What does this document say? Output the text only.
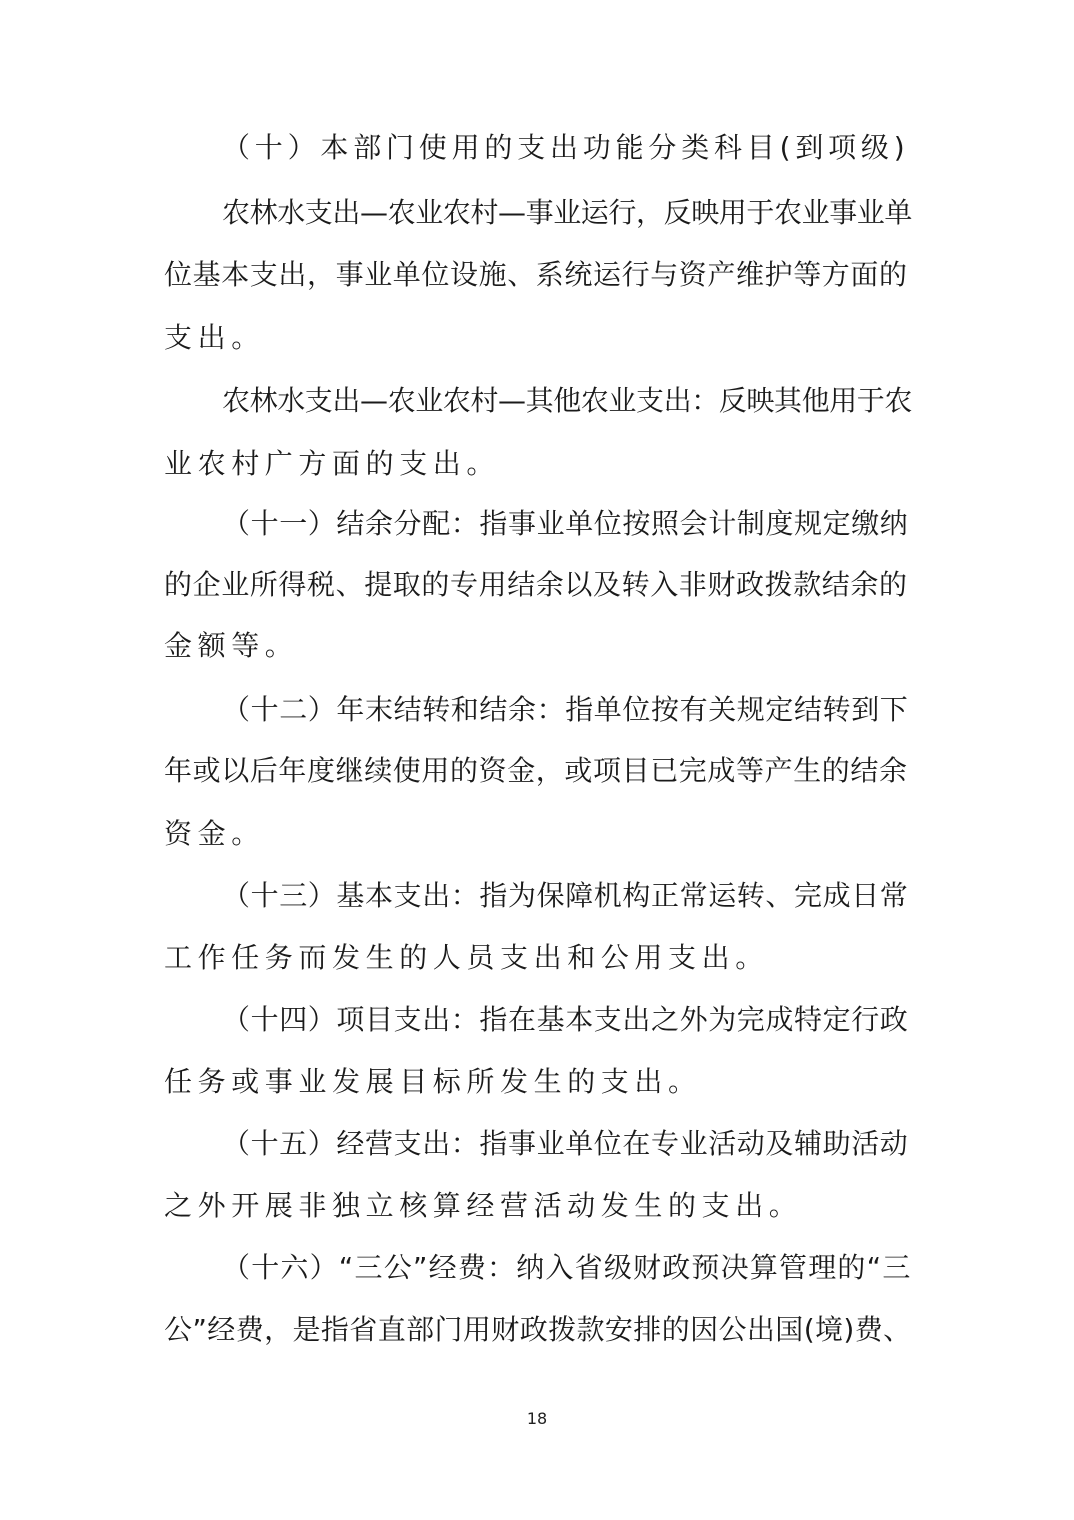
（十）本部门使用的支出功能分类科目(到项级)
农林水支出—农业农村—事业运行，反映用于农业事业单
位基本支出，事业单位设施、系统运行与资产维护等方面的
支出。
农林水支出—农业农村—其他农业支出：反映其他用于农
业农村广方面的支出。
（十一）结余分配：指事业单位按照会计制度规定缴纳
的企业所得税、提取的专用结余以及转入非财政拨款结余的
金额等。
（十二）年末结转和结余：指单位按有关规定结转到下
年或以后年度继续使用的资金，或项目已完成等产生的结余
资金。
（十三）基本支出：指为保障机构正常运转、完成日常
工作任务而发生的人员支出和公用支出。
（十四）项目支出：指在基本支出之外为完成特定行政
任务或事业发展目标所发生的支出。
（十五）经营支出：指事业单位在专业活动及辅助活动
之外开展非独立核算经营活动发生的支出。
（十六）“三公”经费：纳入省级财政预决算管理的“三
公”经费，是指省直部门用财政拨款安排的因公出国(境)费、
18
